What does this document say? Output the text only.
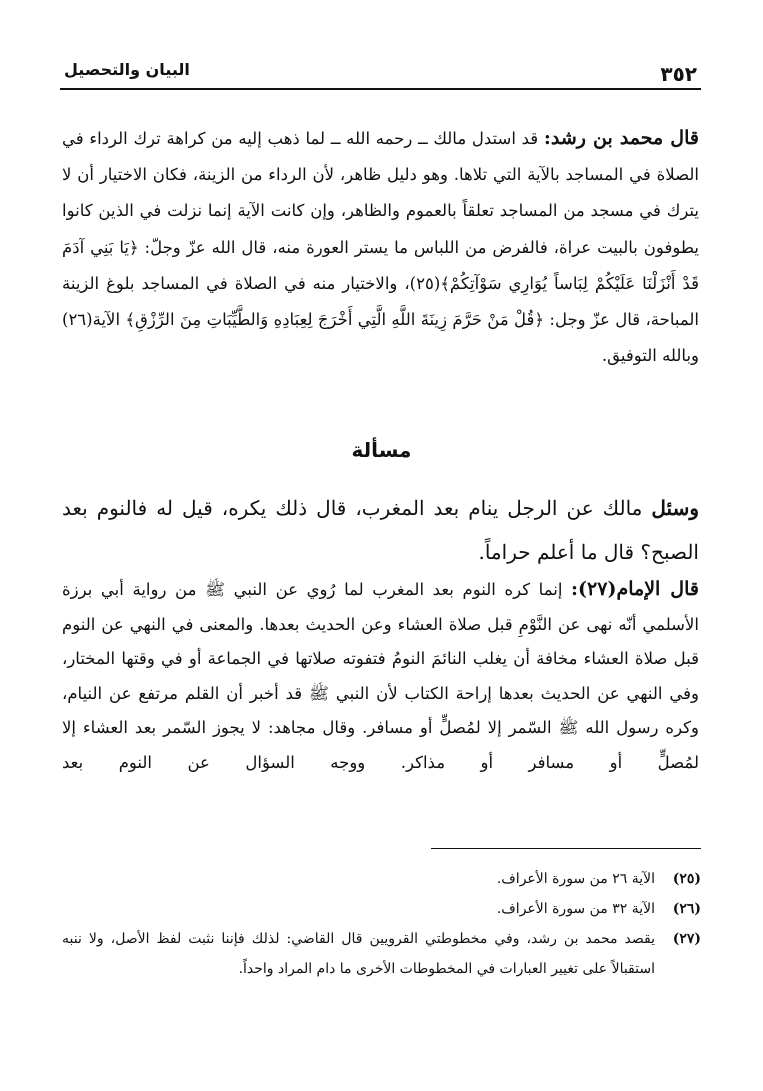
٣٥٢
البيان والتحصيل
قال محمد بن رشد: قد استدل مالك ــ رحمه الله ــ لما ذهب إليه من كراهة ترك الرداء في الصلاة في المساجد بالآية التي تلاها. وهو دليل ظاهر، لأن الرداء من الزينة، فكان الاختيار أن لا يترك في مسجد من المساجد تعلقاً بالعموم والظاهر، وإن كانت الآية إنما نزلت في الذين كانوا يطوفون بالبيت عراة، فالفرض من اللباس ما يستر العورة منه، قال الله عزّ وجلّ: ﴿يَا بَنِي آدَمَ قَدْ أَنْزَلْنَا عَلَيْكُمْ لِبَاساً يُوَارِي سَوْآتِكُمْ﴾(٢٥)، والاختيار منه في الصلاة في المساجد بلوغ الزينة المباحة، قال عزّ وجل: ﴿قُلْ مَنْ حَرَّمَ زِينَةَ اللَّهِ الَّتِي أَخْرَجَ لِعِبَادِهِ وَالطَّيِّبَاتِ مِنَ الرِّزْقِ﴾ الآية(٢٦) وبالله التوفيق.
مسألة
وسئل مالك عن الرجل ينام بعد المغرب، قال ذلك يكره، قيل له فالنوم بعد الصبح؟ قال ما أعلم حراماً.
قال الإمام(٢٧): إنما كره النوم بعد المغرب لما رُوي عن النبي ﷺ من رواية أبي برزة الأسلمي أنّه نهى عن النَّوْمِ قبل صلاة العشاء وعن الحديث بعدها. والمعنى في النهي عن النوم قبل صلاة العشاء مخافة أن يغلب النائمَ النومُ فتفوته صلاتها في الجماعة أو في وقتها المختار، وفي النهي عن الحديث بعدها إراحة الكتاب لأن النبي ﷺ قد أخبر أن القلم مرتفع عن النيام، وكره رسول الله ﷺ السّمر إلا لمُصلٍّ أو مسافر. وقال مجاهد: لا يجوز السّمر بعد العشاء إلا لمُصلٍّ أو مسافر أو مذاكر. ووجه السؤال عن النوم بعد
(٢٥)
الآية ٢٦ من سورة الأعراف.
(٢٦)
الآية ٣٢ من سورة الأعراف.
(٢٧)
يقصد محمد بن رشد، وفي مخطوطتي القرويين قال القاضي: لذلك فإننا نثبت لفظ الأصل، ولا ننبه استقبالاً على تغيير العبارات في المخطوطات الأخرى ما دام المراد واحداً.
